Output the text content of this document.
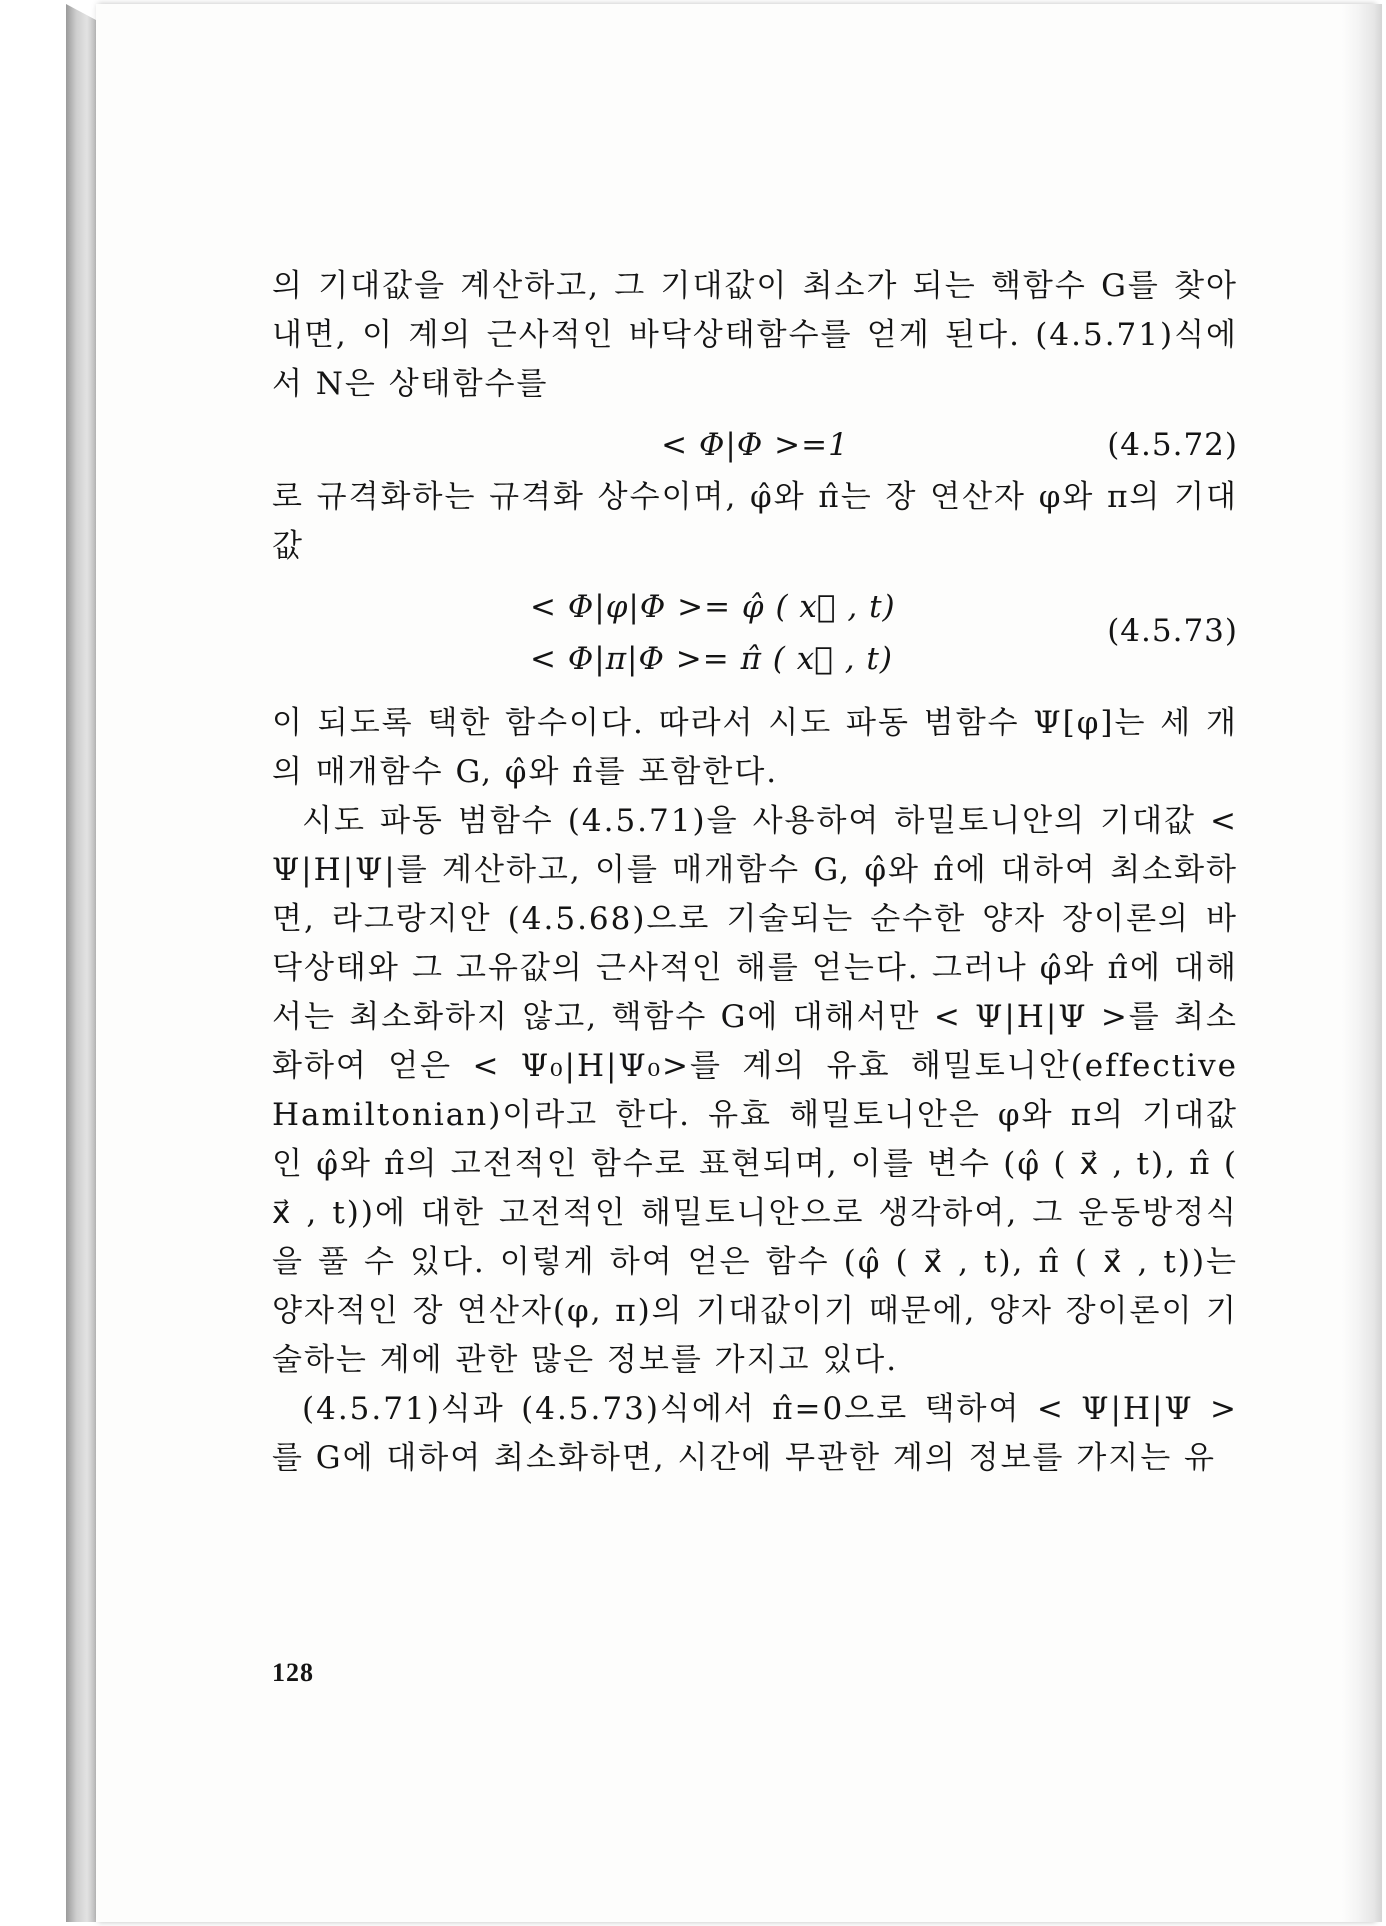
의 기대값을 계산하고, 그 기대값이 최소가 되는 핵함수 G를 찾아 내면, 이 계의 근사적인 바닥상태함수를 얻게 된다. (4.5.71)식에서 N은 상태함수를

< Φ|Φ >=1	(4.5.72)

로 규격화하는 규격화 상수이며, φ̂와 π̂는 장 연산자 φ와 π의 기대값

< Φ|φ|Φ >= φ̂ ( x⃗ , t)
< Φ|π|Φ >= π̂ ( x⃗ , t)
(4.5.73)

이 되도록 택한 함수이다. 따라서 시도 파동 범함수 Ψ[φ]는 세 개의 매개함수 G, φ̂와 π̂를 포함한다.

시도 파동 범함수 (4.5.71)을 사용하여 하밀토니안의 기대값 < Ψ|H|Ψ|를 계산하고, 이를 매개함수 G, φ̂와 π̂에 대하여 최소화하면, 라그랑지안 (4.5.68)으로 기술되는 순수한 양자 장이론의 바닥상태와 그 고유값의 근사적인 해를 얻는다. 그러나 φ̂와 π̂에 대해서는 최소화하지 않고, 핵함수 G에 대해서만 < Ψ|H|Ψ >를 최소화하여 얻은 < Ψ₀|H|Ψ₀>를 계의 유효 해밀토니안(effective Hamiltonian)이라고 한다. 유효 해밀토니안은 φ와 π의 기대값인 φ̂와 π̂의 고전적인 함수로 표현되며, 이를 변수 (φ̂ ( x⃗ , t), π̂ ( x⃗ , t))에 대한 고전적인 해밀토니안으로 생각하여, 그 운동방정식을 풀 수 있다. 이렇게 하여 얻은 함수 (φ̂ ( x⃗ , t), π̂ ( x⃗ , t))는 양자적인 장 연산자(φ, π)의 기대값이기 때문에, 양자 장이론이 기술하는 계에 관한 많은 정보를 가지고 있다.

(4.5.71)식과 (4.5.73)식에서 π̂=0으로 택하여 < Ψ|H|Ψ >를 G에 대하여 최소화하면, 시간에 무관한 계의 정보를 가지는 유

128
